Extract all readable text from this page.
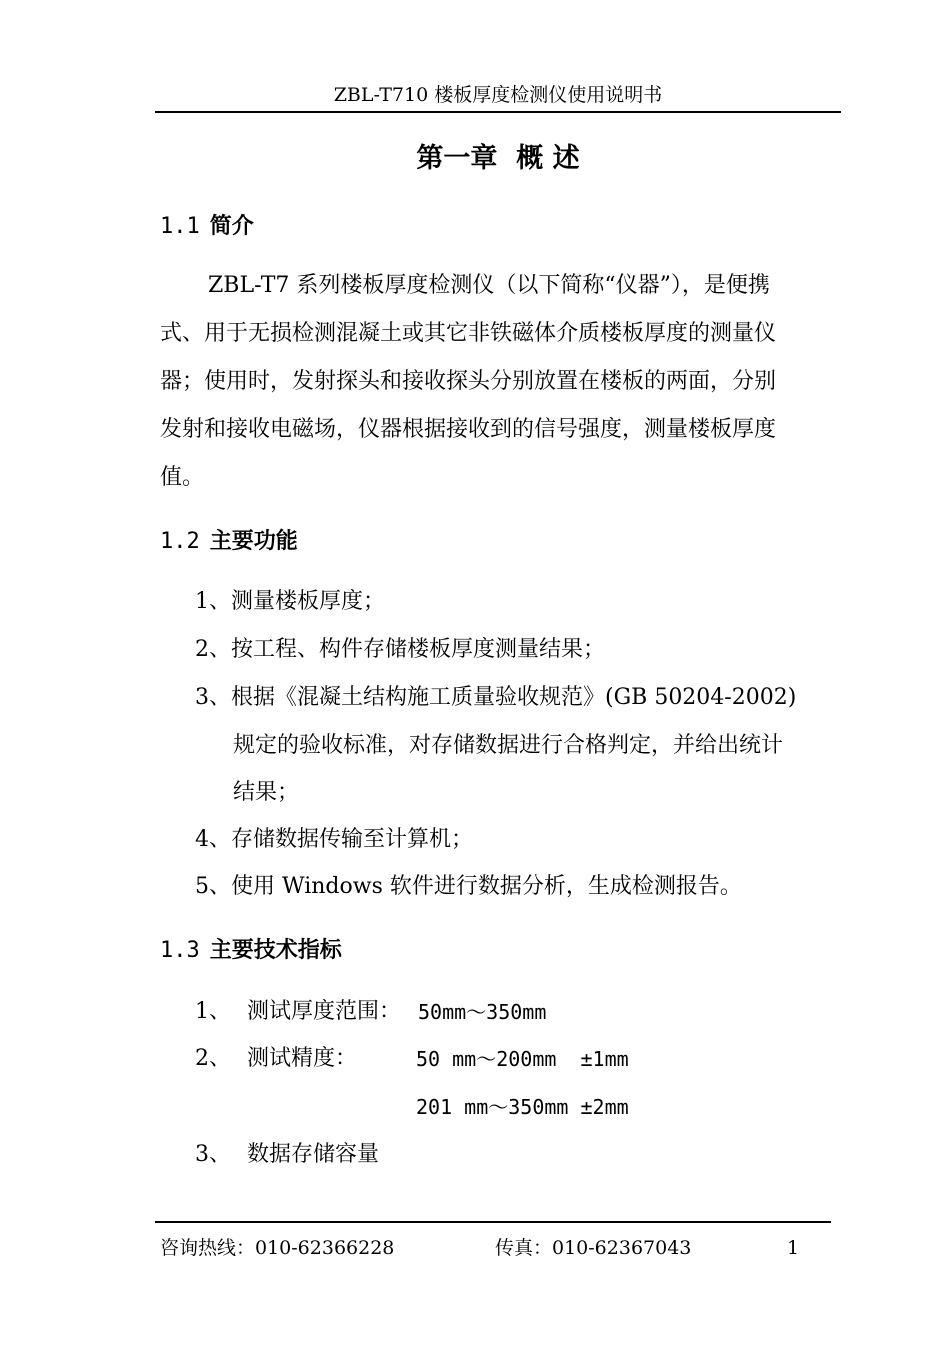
ZBL-T710 楼板厚度检测仪使用说明书
第一章  概 述
1.1 简介
ZBL-T7 系列楼板厚度检测仪（以下简称“仪器”），是便携
式、用于无损检测混凝土或其它非铁磁体介质楼板厚度的测量仪
器；使用时，发射探头和接收探头分别放置在楼板的两面，分别
发射和接收电磁场，仪器根据接收到的信号强度，测量楼板厚度
值。
1.2 主要功能
1、测量楼板厚度；
2、按工程、构件存储楼板厚度测量结果；
3、根据《混凝土结构施工质量验收规范》(GB 50204-2002)
规定的验收标准，对存储数据进行合格判定，并给出统计
结果；
4、存储数据传输至计算机；
5、使用 Windows 软件进行数据分析，生成检测报告。
1.3 主要技术指标
1、 测试厚度范围： 50mm～350mm
2、 测试精度：	50 mm～200mm  ±1mm
201 mm～350mm ±2mm
3、 数据存储容量
咨询热线：010-62366228	传真：010-62367043	1
